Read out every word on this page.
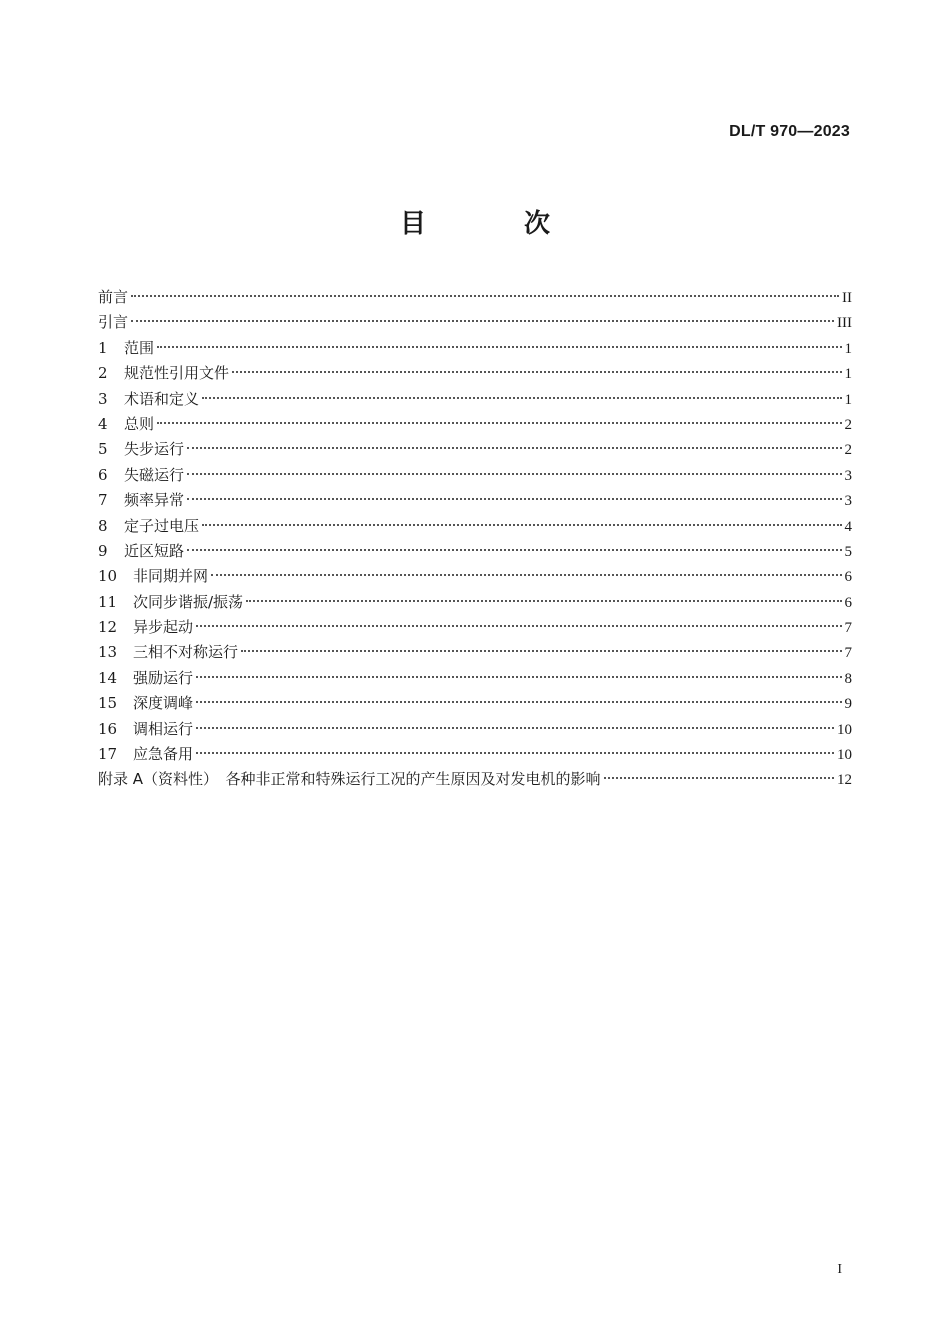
DL/T 970—2023
目　次
前言	II
引言	III
1	范围	1
2	规范性引用文件	1
3	术语和定义	1
4	总则	2
5	失步运行	2
6	失磁运行	3
7	频率异常	3
8	定子过电压	4
9	近区短路	5
10	非同期并网	6
11	次同步谐振/振荡	6
12	异步起动	7
13	三相不对称运行	7
14	强励运行	8
15	深度调峰	9
16	调相运行	10
17	应急备用	10
附录 A（资料性）　各种非正常和特殊运行工况的产生原因及对发电机的影响	12
I
